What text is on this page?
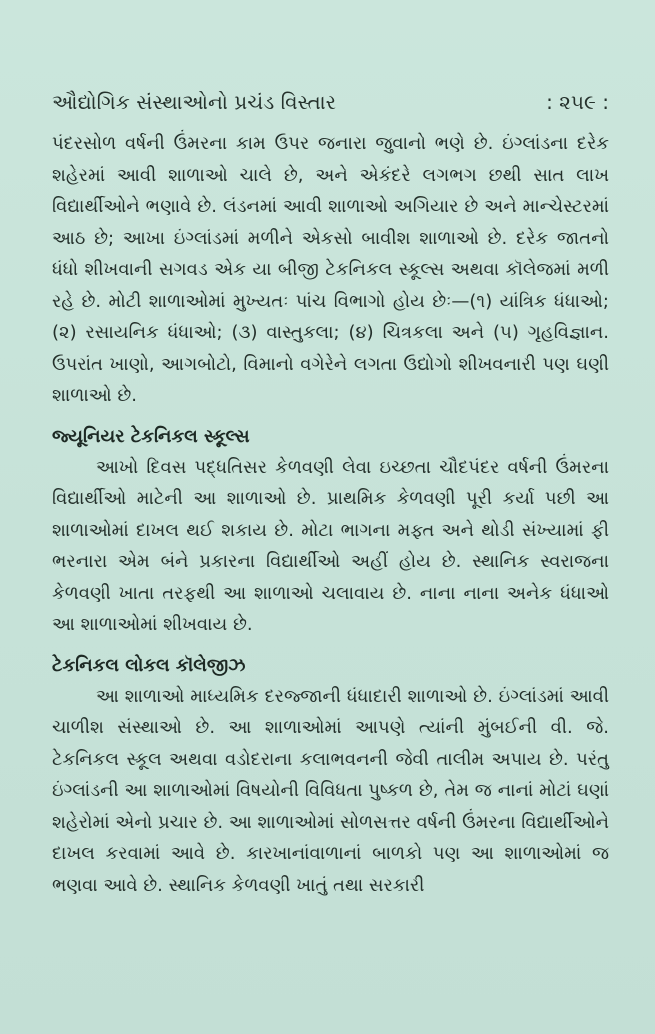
ઔદ્યોગિક સંસ્થાઓનો પ્રચંડ વિસ્તાર	: ૨૫૯ :

પંદરસોળ વર્ષની ઉંમરના કામ ઉપર જનારા જુવાનો ભણે છે. ઇંગ્લાંડના દરેક શહેરમાં આવી શાળાઓ ચાલે છે, અને એકંદરે લગભગ છથી સાત લાખ વિદ્યાર્થીઓને ભણાવે છે. લંડનમાં આવી શાળાઓ અગિયાર છે અને માન્ચેસ્ટરમાં આઠ છે; આખા ઇંગ્લાંડમાં મળીને એકસો બાવીશ શાળાઓ છે. દરેક જાતનો ધંધો શીખવાની સગવડ એક યા બીજી ટેકનિકલ સ્કૂલ્સ અથવા કૉલેજમાં મળી રહે છે. મોટી શાળાઓમાં મુખ્યતઃ પાંચ વિભાગો હોય છેઃ—(૧) યાંત્રિક ધંધાઓ; (૨) રસાયનિક ધંધાઓ; (૩) વાસ્તુકલા; (૪) ચિત્રકલા અને (૫) ગૃહવિજ્ઞાન. ઉપરાંત ખાણો, આગબોટો, વિમાનો વગેરેને લગતા ઉદ્યોગો શીખવનારી પણ ઘણી શાળાઓ છે.

જ્યૂનિયર ટેકનિકલ સ્કૂલ્સ

આખો દિવસ પદ્ધતિસર કેળવણી લેવા ઇચ્છતા ચૌદપંદર વર્ષની ઉંમરના વિદ્યાર્થીઓ માટેની આ શાળાઓ છે. પ્રાથમિક કેળવણી પૂરી કર્યા પછી આ શાળાઓમાં દાખલ થઈ શકાય છે. મોટા ભાગના મફ્ત અને થોડી સંખ્યામાં ફી ભરનારા એમ બંને પ્રકારના વિદ્યાર્થીઓ અહીં હોય છે. સ્થાનિક સ્વરાજના કેળવણી ખાતા તરફથી આ શાળાઓ ચલાવાય છે. નાના નાના અનેક ધંધાઓ આ શાળાઓમાં શીખવાય છે.

ટેકનિકલ લોકલ કૉલેજીઝ

આ શાળાઓ માધ્યમિક દરજ્જાની ધંધાદારી શાળાઓ છે. ઇંગ્લાંડમાં આવી ચાળીશ સંસ્થાઓ છે. આ શાળાઓમાં આપણે ત્યાંની મુંબઈની વી. જે. ટેકનિકલ સ્કૂલ અથવા વડોદરાના કલાભવનની જેવી તાલીમ અપાય છે. પરંતુ ઇંગ્લાંડની આ શાળાઓમાં વિષયોની વિવિધતા પુષ્કળ છે, તેમ જ નાનાં મોટાં ઘણાં શહેરોમાં એનો પ્રચાર છે. આ શાળાઓમાં સોળસત્તર વર્ષની ઉંમરના વિદ્યાર્થીઓને દાખલ કરવામાં આવે છે. કારખાનાંવાળાનાં બાળકો પણ આ શાળાઓમાં જ ભણવા આવે છે. સ્થાનિક કેળવણી ખાતું તથા સરકારી
